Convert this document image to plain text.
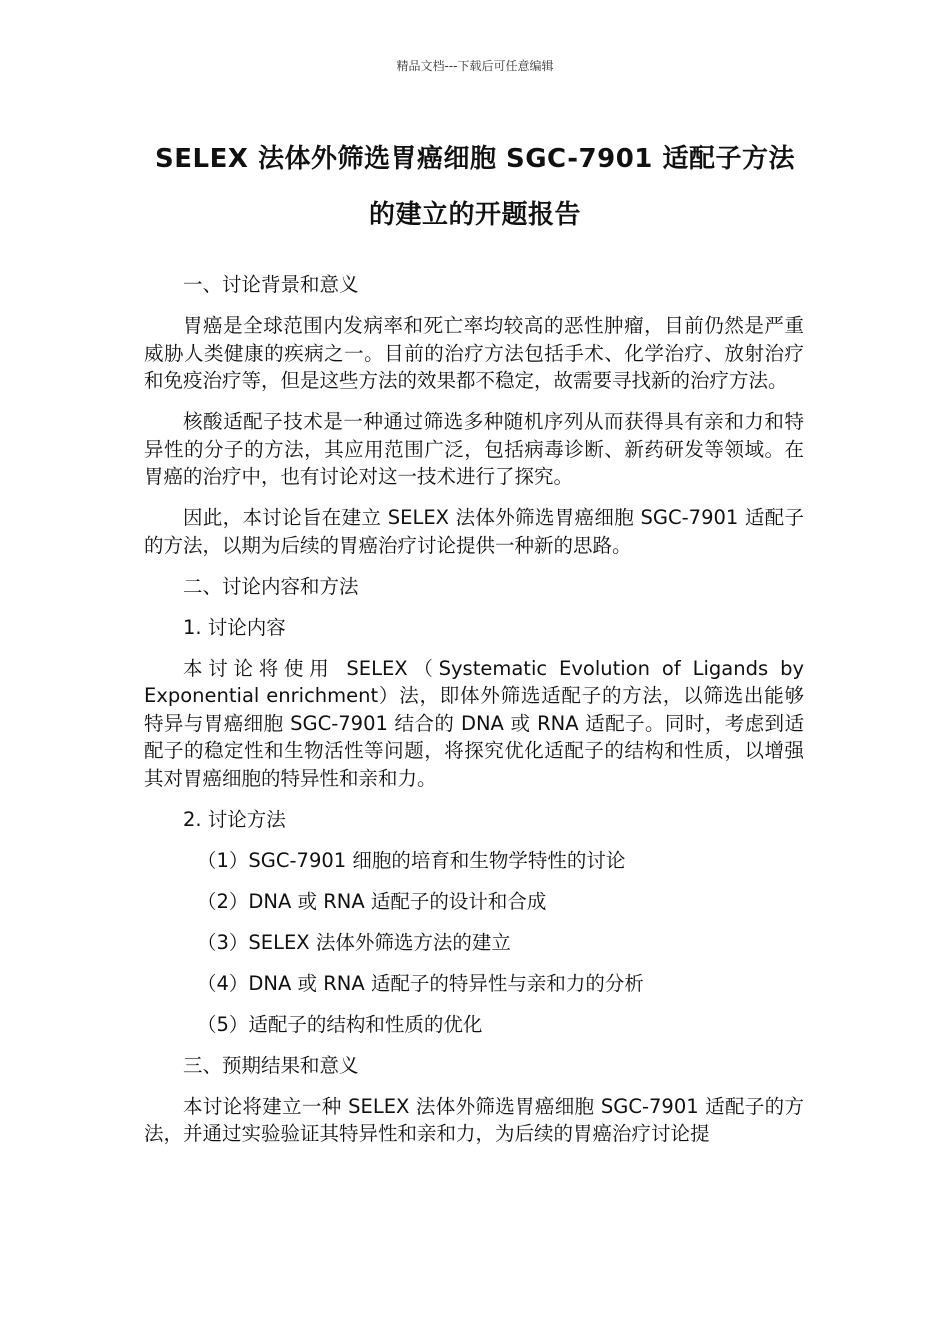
精品文档---下载后可任意编辑
SELEX 法体外筛选胃癌细胞 SGC-7901 适配子方法
的建立的开题报告

一、讨论背景和意义

胃癌是全球范围内发病率和死亡率均较高的恶性肿瘤，目前仍然是严重威胁人类健康的疾病之一。目前的治疗方法包括手术、化学治疗、放射治疗和免疫治疗等，但是这些方法的效果都不稳定，故需要寻找新的治疗方法。

核酸适配子技术是一种通过筛选多种随机序列从而获得具有亲和力和特异性的分子的方法，其应用范围广泛，包括病毒诊断、新药研发等领域。在胃癌的治疗中，也有讨论对这一技术进行了探究。

因此，本讨论旨在建立 SELEX 法体外筛选胃癌细胞 SGC-7901 适配子的方法，以期为后续的胃癌治疗讨论提供一种新的思路。

二、讨论内容和方法

1. 讨论内容

本讨论将使用 SELEX（Systematic Evolution of Ligands by Exponential enrichment）法，即体外筛选适配子的方法，以筛选出能够特异与胃癌细胞 SGC-7901 结合的 DNA 或 RNA 适配子。同时，考虑到适配子的稳定性和生物活性等问题，将探究优化适配子的结构和性质，以增强其对胃癌细胞的特异性和亲和力。

2. 讨论方法

（1）SGC-7901 细胞的培育和生物学特性的讨论

（2）DNA 或 RNA 适配子的设计和合成

（3）SELEX 法体外筛选方法的建立

（4）DNA 或 RNA 适配子的特异性与亲和力的分析

（5）适配子的结构和性质的优化

三、预期结果和意义

本讨论将建立一种 SELEX 法体外筛选胃癌细胞 SGC-7901 适配子的方法，并通过实验验证其特异性和亲和力，为后续的胃癌治疗讨论提
